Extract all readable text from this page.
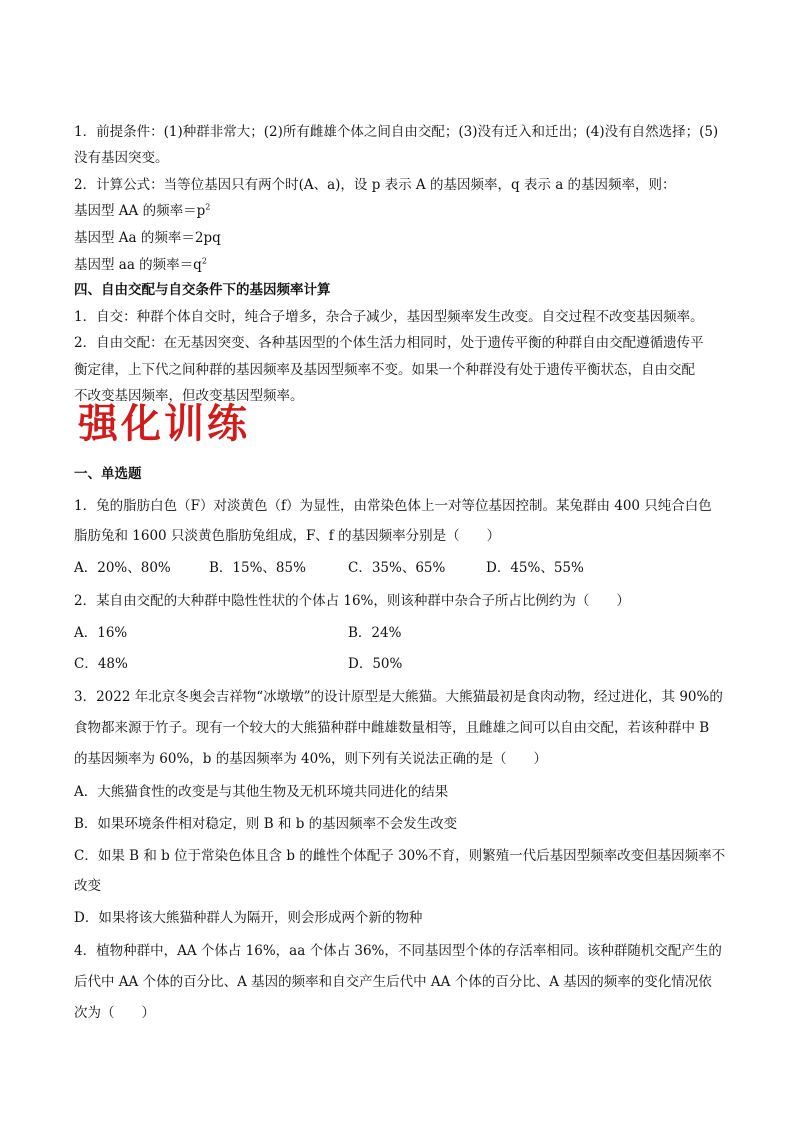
1．前提条件：(1)种群非常大；(2)所有雌雄个体之间自由交配；(3)没有迁入和迁出；(4)没有自然选择；(5)
没有基因突变。
2．计算公式：当等位基因只有两个时(A、a)，设 p 表示 A 的基因频率，q 表示 a 的基因频率，则：
基因型 AA 的频率$=p^2$
基因型 Aa 的频率＝2pq
基因型 aa 的频率$=q^2$
四、自由交配与自交条件下的基因频率计算
1．自交：种群个体自交时，纯合子增多，杂合子减少，基因型频率发生改变。自交过程不改变基因频率。
2．自由交配：在无基因突变、各种基因型的个体生活力相同时，处于遗传平衡的种群自由交配遵循遗传平
衡定律，上下代之间种群的基因频率及基因型频率不变。如果一个种群没有处于遗传平衡状态，自由交配
不改变基因频率，但改变基因型频率。
强化训练
一、单选题
1．兔的脂肪白色（F）对淡黄色（f）为显性，由常染色体上一对等位基因控制。某兔群由 400 只纯合白色
脂肪兔和 1600 只淡黄色脂肪兔组成，F、f 的基因频率分别是（　　）
A．20%、80%	B．15%、85%	C．35%、65%	D．45%、55%
2．某自由交配的大种群中隐性性状的个体占 16%，则该种群中杂合子所占比例约为（　　）
A．16%	B．24%
C．48%	D．50%
3．2022 年北京冬奥会吉祥物“冰墩墩”的设计原型是大熊猫。大熊猫最初是食肉动物，经过进化，其 90%的
食物都来源于竹子。现有一个较大的大熊猫种群中雌雄数量相等，且雌雄之间可以自由交配，若该种群中 B
的基因频率为 60%，b 的基因频率为 40%，则下列有关说法正确的是（　　）
A．大熊猫食性的改变是与其他生物及无机环境共同进化的结果
B．如果环境条件相对稳定，则 B 和 b 的基因频率不会发生改变
C．如果 B 和 b 位于常染色体且含 b 的雌性个体配子 30%不育，则繁殖一代后基因型频率改变但基因频率不
改变
D．如果将该大熊猫种群人为隔开，则会形成两个新的物种
4．植物种群中，AA 个体占 16%，aa 个体占 36%，不同基因型个体的存活率相同。该种群随机交配产生的
后代中 AA 个体的百分比、A 基因的频率和自交产生后代中 AA 个体的百分比、A 基因的频率的变化情况依
次为（　　）
